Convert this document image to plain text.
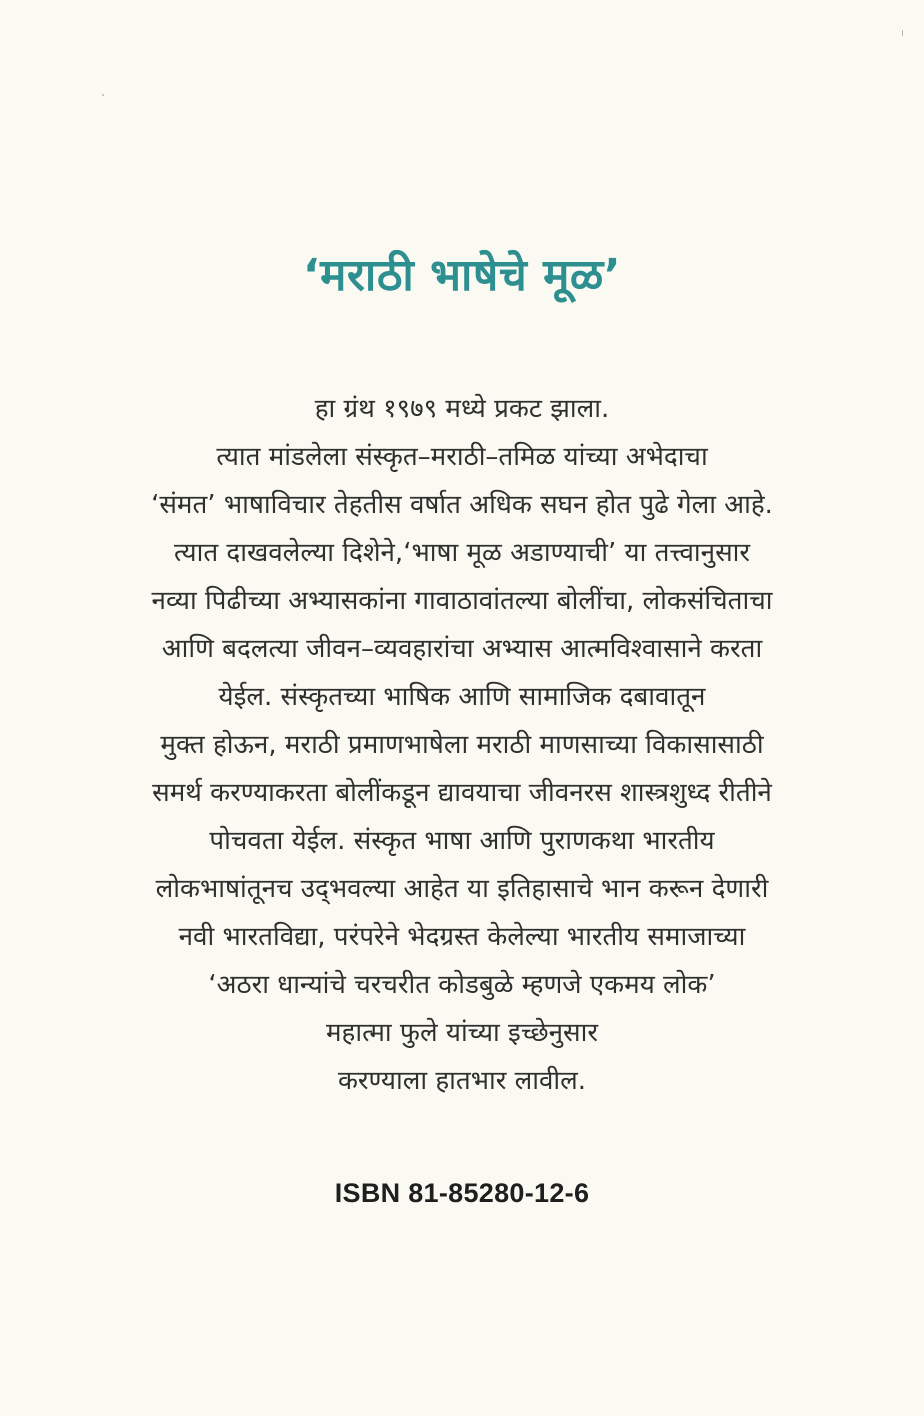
‘मराठी भाषेचे मूळ’
हा ग्रंथ १९७९ मध्ये प्रकट झाला.
त्यात मांडलेला संस्कृत–मराठी–तमिळ यांच्या अभेदाचा
‘संमत’ भाषाविचार तेहतीस वर्षात अधिक सघन होत पुढे गेला आहे.
त्यात दाखवलेल्या दिशेने,‘भाषा मूळ अडाण्याची’ या तत्त्वानुसार
नव्या पिढीच्या अभ्यासकांना गावाठावांतल्या बोलींचा, लोकसंचिताचा
आणि बदलत्या जीवन–व्यवहारांचा अभ्यास आत्मविश्वासाने करता
येईल. संस्कृतच्या भाषिक आणि सामाजिक दबावातून
मुक्त होऊन, मराठी प्रमाणभाषेला मराठी माणसाच्या विकासासाठी
समर्थ करण्याकरता बोलींकडून द्यावयाचा जीवनरस शास्त्रशुध्द रीतीने
पोचवता येईल. संस्कृत भाषा आणि पुराणकथा भारतीय
लोकभाषांतूनच उद्‌भवल्या आहेत या इतिहासाचे भान करून देणारी
नवी भारतविद्या, परंपरेने भेदग्रस्त केलेल्या भारतीय समाजाच्या
‘अठरा धान्यांचे चरचरीत कोडबुळे म्हणजे एकमय लोक’
महात्मा फुले यांच्या इच्छेनुसार
करण्याला हातभार लावील.
ISBN 81-85280-12-6
